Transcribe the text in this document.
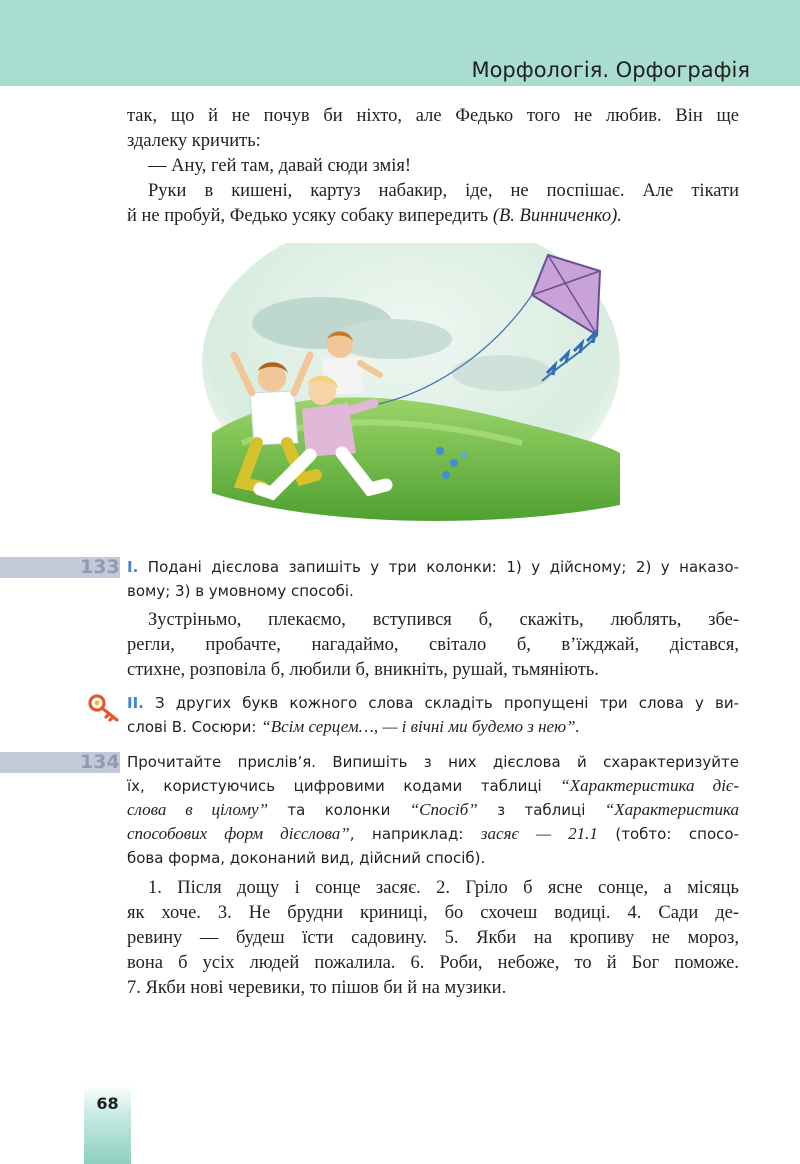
Морфологія. Орфографія

так, що й не почув би ніхто, але Федько того не любив. Він ще

здалеку кричить:

— Ану, гей там, давай сюди змія!

Руки в кишені, картуз набакир, іде, не поспішає. Але тікати

й не пробуй, Федько усяку собаку випередить (В. Винниченко).

133 I. Подані дієслова запишіть у три колонки: 1) у дійсному; 2) у наказо-

вому; 3) в умовному способі.

Зустріньмо, плекаємо, вступився б, скажіть, люблять, збе-

регли, пробачте, нагадаймо, світало б, в’їжджай, дістався,

стихне, розповіла б, любили б, вникніть, рушай, тьмяніють.

II. З других букв кожного слова складіть пропущені три слова у ви-

слові В. Сосюри: “Всім серцем…, — і вічні ми будемо з нею”.

134 Прочитайте прислів’я. Випишіть з них дієслова й схарактеризуйте

їх, користуючись цифровими кодами таблиці “Характеристика діє-

слова в цілому” та колонки “Спосіб” з таблиці “Характеристика

способових форм дієслова”, наприклад: засяє — 21.1 (тобто: спосо-

бова форма, доконаний вид, дійсний спосіб).

1. Після дощу і сонце засяє. 2. Гріло б ясне сонце, а місяць

як хоче. 3. Не брудни криниці, бо схочеш водиці. 4. Сади де-

ревину — будеш їсти садовину. 5. Якби на кропиву не мороз,

вона б усіх людей пожалила. 6. Роби, небоже, то й Бог поможе.

7. Якби нові черевики, то пішов би й на музики.

68
